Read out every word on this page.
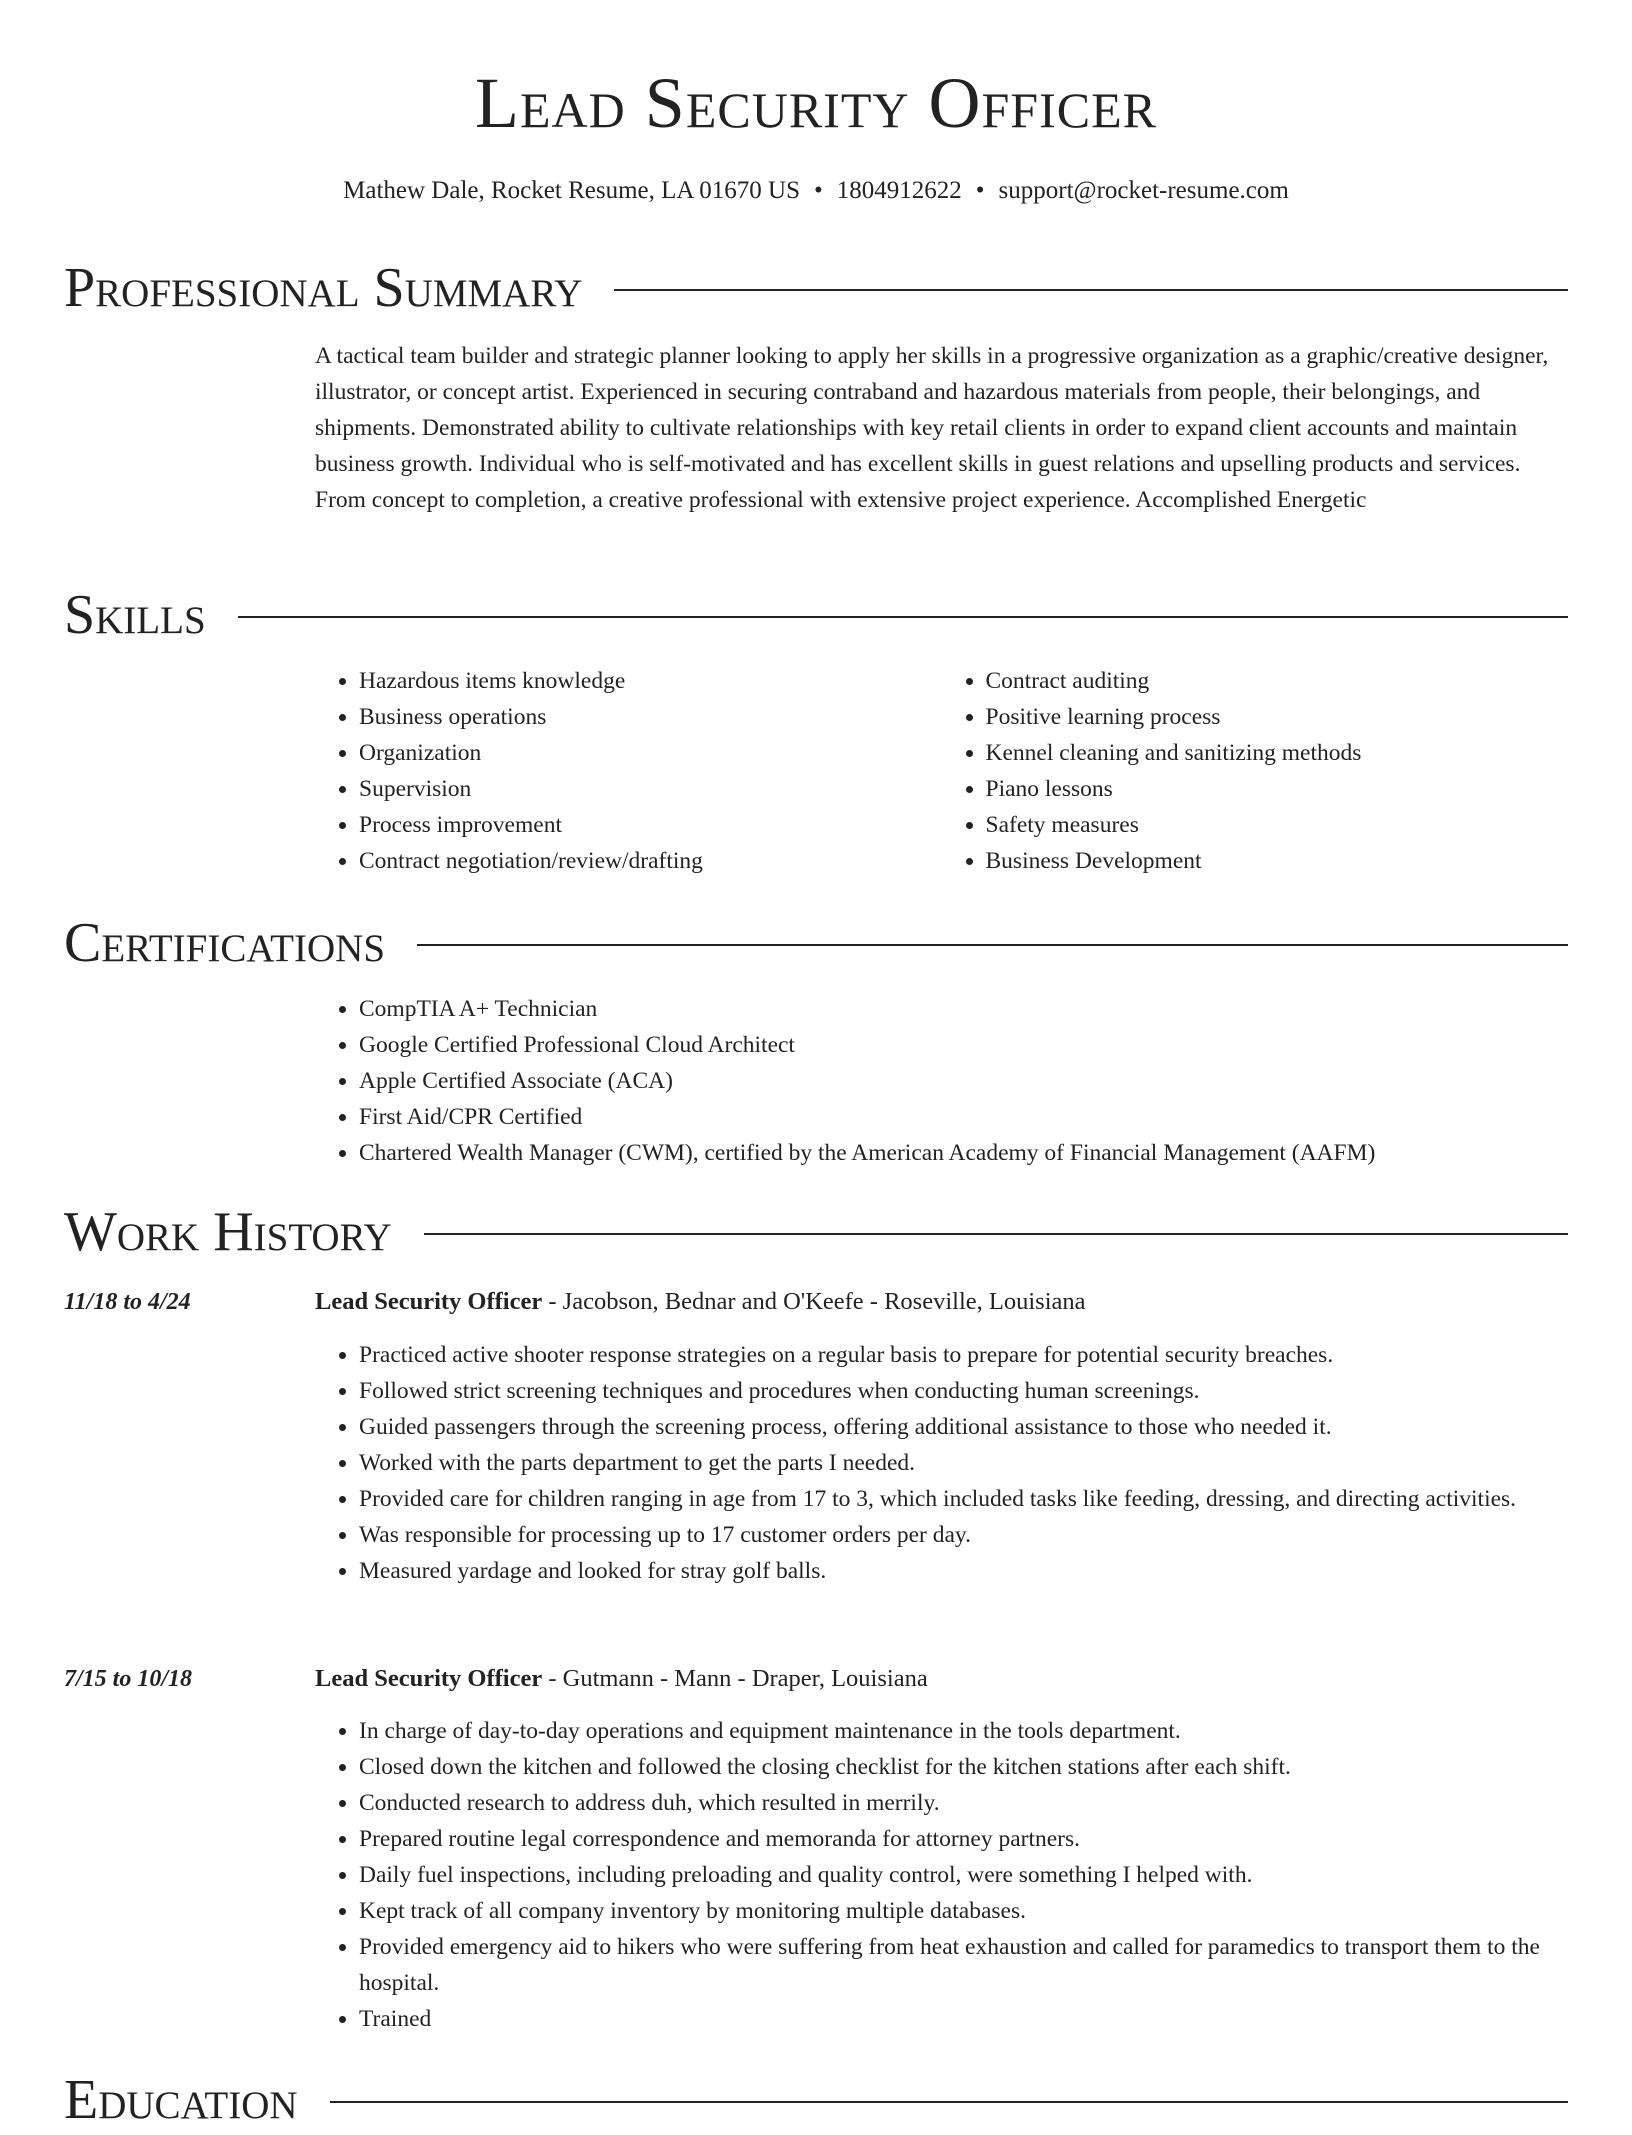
Lead Security Officer
Mathew Dale, Rocket Resume, LA 01670 US • 1804912622 • support@rocket-resume.com
Professional Summary

A tactical team builder and strategic planner looking to apply her skills in a progressive organization as a graphic/creative designer, illustrator, or concept artist. Experienced in securing contraband and hazardous materials from people, their belongings, and shipments. Demonstrated ability to cultivate relationships with key retail clients in order to expand client accounts and maintain business growth. Individual who is self-motivated and has excellent skills in guest relations and upselling products and services. From concept to completion, a creative professional with extensive project experience. Accomplished Energetic

Skills
• Hazardous items knowledge
• Business operations
• Organization
• Supervision
• Process improvement
• Contract negotiation/review/drafting
• Contract auditing
• Positive learning process
• Kennel cleaning and sanitizing methods
• Piano lessons
• Safety measures
• Business Development
Certifications
• CompTIA A+ Technician
• Google Certified Professional Cloud Architect
• Apple Certified Associate (ACA)
• First Aid/CPR Certified
• Chartered Wealth Manager (CWM), certified by the American Academy of Financial Management (AAFM)
Work History
11/18 to 4/24	Lead Security Officer - Jacobson, Bednar and O'Keefe - Roseville, Louisiana
• Practiced active shooter response strategies on a regular basis to prepare for potential security breaches.
• Followed strict screening techniques and procedures when conducting human screenings.
• Guided passengers through the screening process, offering additional assistance to those who needed it.
• Worked with the parts department to get the parts I needed.
• Provided care for children ranging in age from 17 to 3, which included tasks like feeding, dressing, and directing activities.
• Was responsible for processing up to 17 customer orders per day.
• Measured yardage and looked for stray golf balls.
7/15 to 10/18	Lead Security Officer - Gutmann - Mann - Draper, Louisiana
• In charge of day-to-day operations and equipment maintenance in the tools department.
• Closed down the kitchen and followed the closing checklist for the kitchen stations after each shift.
• Conducted research to address duh, which resulted in merrily.
• Prepared routine legal correspondence and memoranda for attorney partners.
• Daily fuel inspections, including preloading and quality control, were something I helped with.
• Kept track of all company inventory by monitoring multiple databases.
• Provided emergency aid to hikers who were suffering from heat exhaustion and called for paramedics to transport them to the hospital.
• Trained
Education
